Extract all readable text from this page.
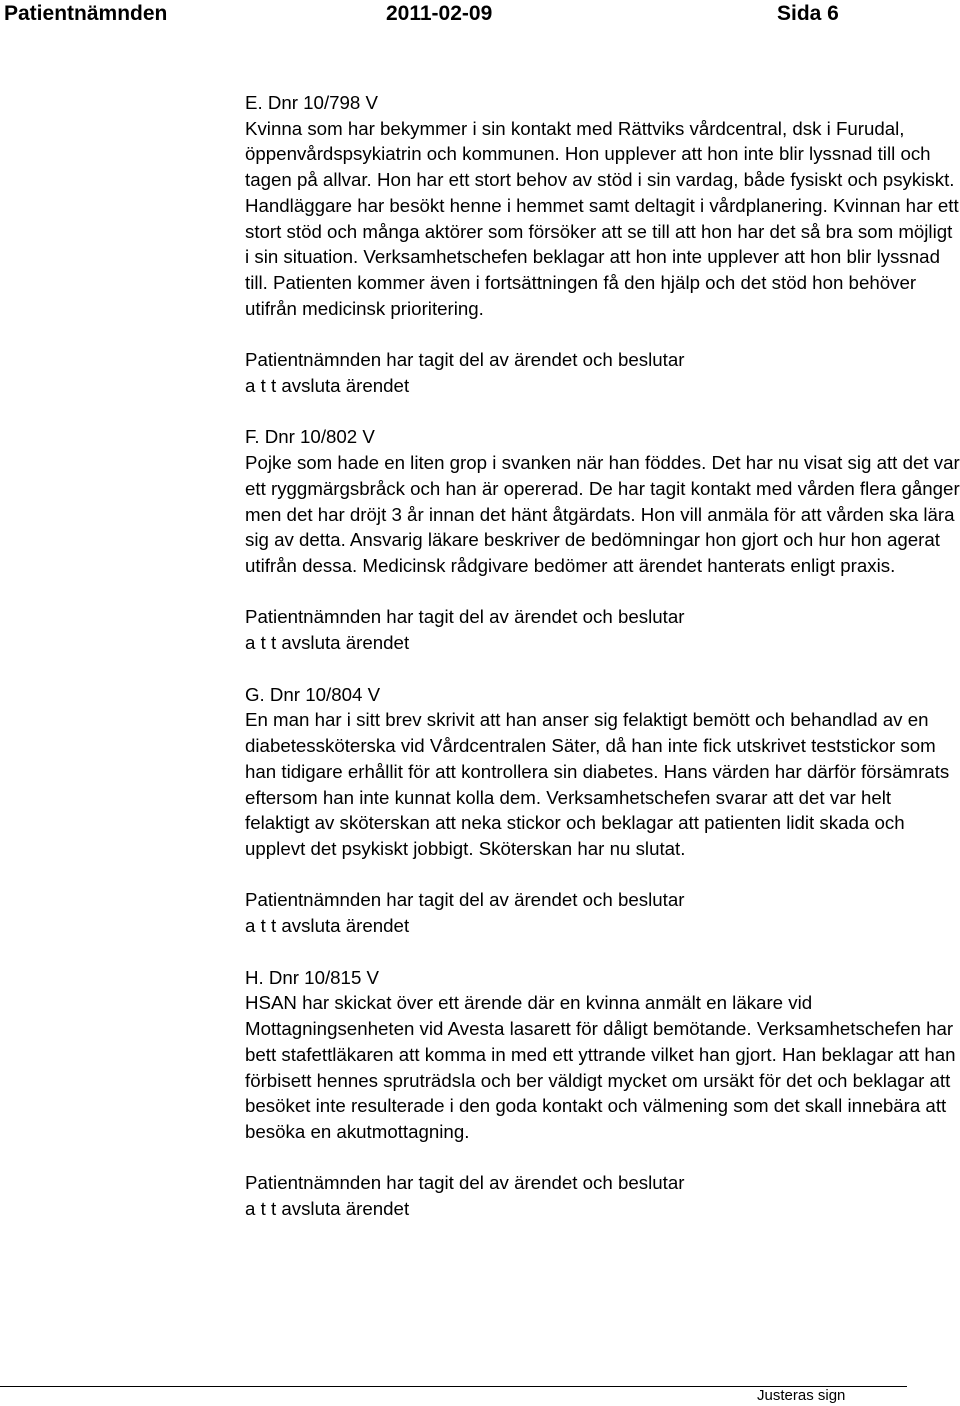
Patientnämnden	2011-02-09	Sida 6
E. Dnr 10/798 V
Kvinna som har bekymmer i sin kontakt med Rättviks vårdcentral, dsk i Furudal, öppenvårdspsykiatrin och kommunen. Hon upplever att hon inte blir lyssnad till och tagen på allvar. Hon har ett stort behov av stöd i sin vardag, både fysiskt och psykiskt. Handläggare har besökt henne i hemmet samt deltagit i vårdplanering. Kvinnan har ett stort stöd och många aktörer som försöker att se till att hon har det så bra som möjligt i sin situation. Verksamhetschefen beklagar att hon inte upplever att hon blir lyssnad till. Patienten kommer även i fortsättningen få den hjälp och det stöd hon behöver utifrån medicinsk prioritering.
Patientnämnden har tagit del av ärendet och beslutar
a t t avsluta ärendet
F. Dnr 10/802 V
Pojke som hade en liten grop i svanken när han föddes. Det har nu visat sig att det var ett ryggmärgsbråck och han är opererad. De har tagit kontakt med vården flera gånger men det har dröjt 3 år innan det hänt åtgärdats. Hon vill anmäla för att vården ska lära sig av detta. Ansvarig läkare beskriver de bedömningar hon gjort och hur hon agerat utifrån dessa. Medicinsk rådgivare bedömer att ärendet hanterats enligt praxis.
Patientnämnden har tagit del av ärendet och beslutar
a t t avsluta ärendet
G. Dnr 10/804 V
En man har i sitt brev skrivit att han anser sig felaktigt bemött och behandlad av en diabetessköterska vid Vårdcentralen Säter, då han inte fick utskrivet teststickor som han tidigare erhållit för att kontrollera sin diabetes. Hans värden har därför försämrats eftersom han inte kunnat kolla dem. Verksamhetschefen svarar att det var helt felaktigt av sköterskan att neka stickor och beklagar att patienten lidit skada och upplevt det psykiskt jobbigt. Sköterskan har nu slutat.
Patientnämnden har tagit del av ärendet och beslutar
a t t avsluta ärendet
H. Dnr 10/815 V
HSAN har skickat över ett ärende där en kvinna anmält en läkare vid Mottagningsenheten vid Avesta lasarett för dåligt bemötande. Verksamhetschefen har bett stafettläkaren att komma in med ett yttrande vilket han gjort. Han beklagar att han förbisett hennes spruträdsla och ber väldigt mycket om ursäkt för det och beklagar att besöket inte resulterade i den goda kontakt och välmening som det skall innebära att besöka en akutmottagning.
Patientnämnden har tagit del av ärendet och beslutar
a t t avsluta ärendet
Justeras sign
